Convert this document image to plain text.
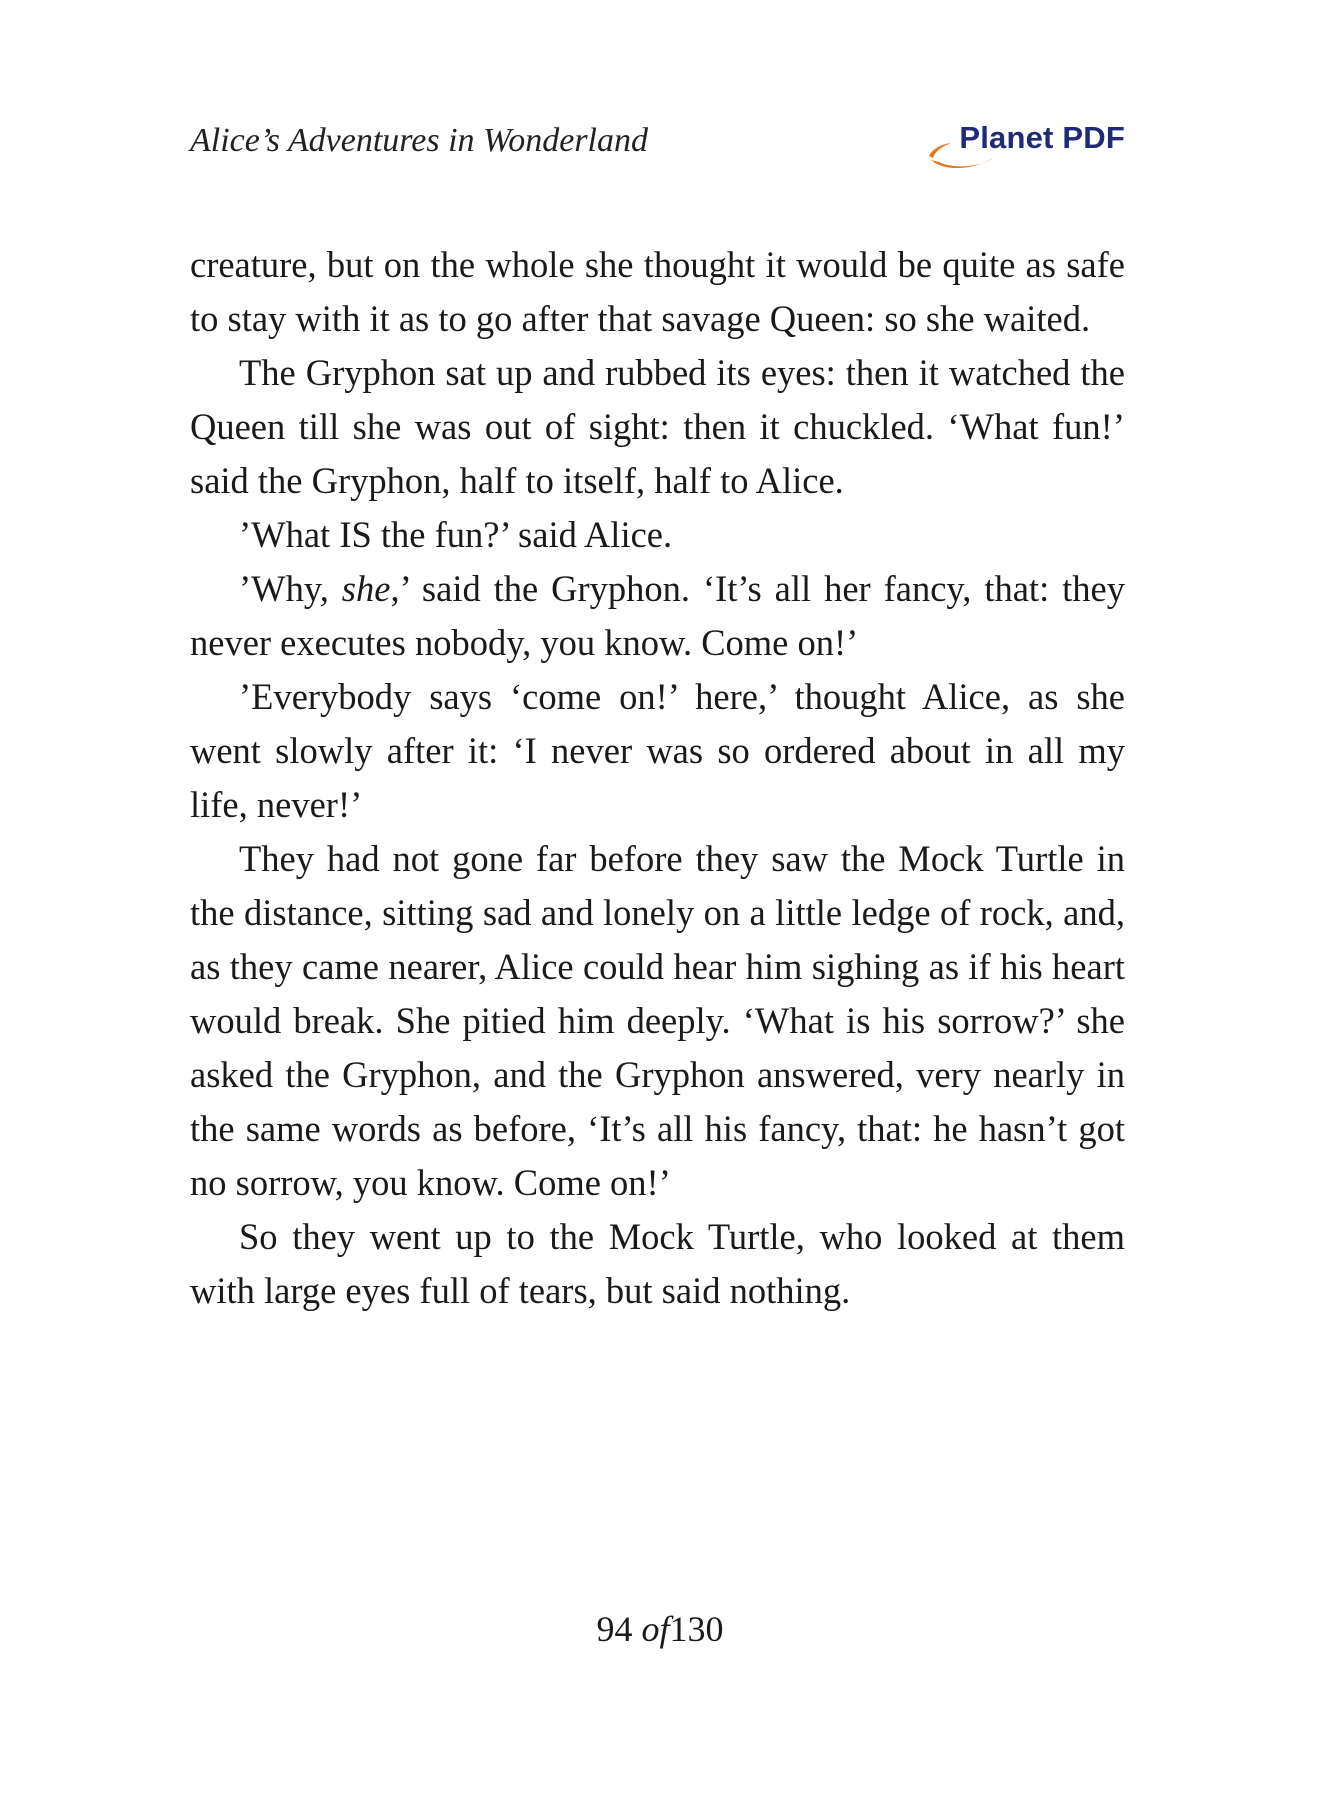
Alice’s Adventures in Wonderland	Planet PDF

creature, but on the whole she thought it would be quite as safe to stay with it as to go after that savage Queen: so she waited.

The Gryphon sat up and rubbed its eyes: then it watched the Queen till she was out of sight: then it chuckled. ‘What fun!’ said the Gryphon, half to itself, half to Alice.

’What IS the fun?’ said Alice.

’Why, she,’ said the Gryphon. ‘It’s all her fancy, that: they never executes nobody, you know. Come on!’

’Everybody says ‘come on!’ here,’ thought Alice, as she went slowly after it: ‘I never was so ordered about in all my life, never!’

They had not gone far before they saw the Mock Turtle in the distance, sitting sad and lonely on a little ledge of rock, and, as they came nearer, Alice could hear him sighing as if his heart would break. She pitied him deeply. ‘What is his sorrow?’ she asked the Gryphon, and the Gryphon answered, very nearly in the same words as before, ‘It’s all his fancy, that: he hasn’t got no sorrow, you know. Come on!’

So they went up to the Mock Turtle, who looked at them with large eyes full of tears, but said nothing.

94 of130
